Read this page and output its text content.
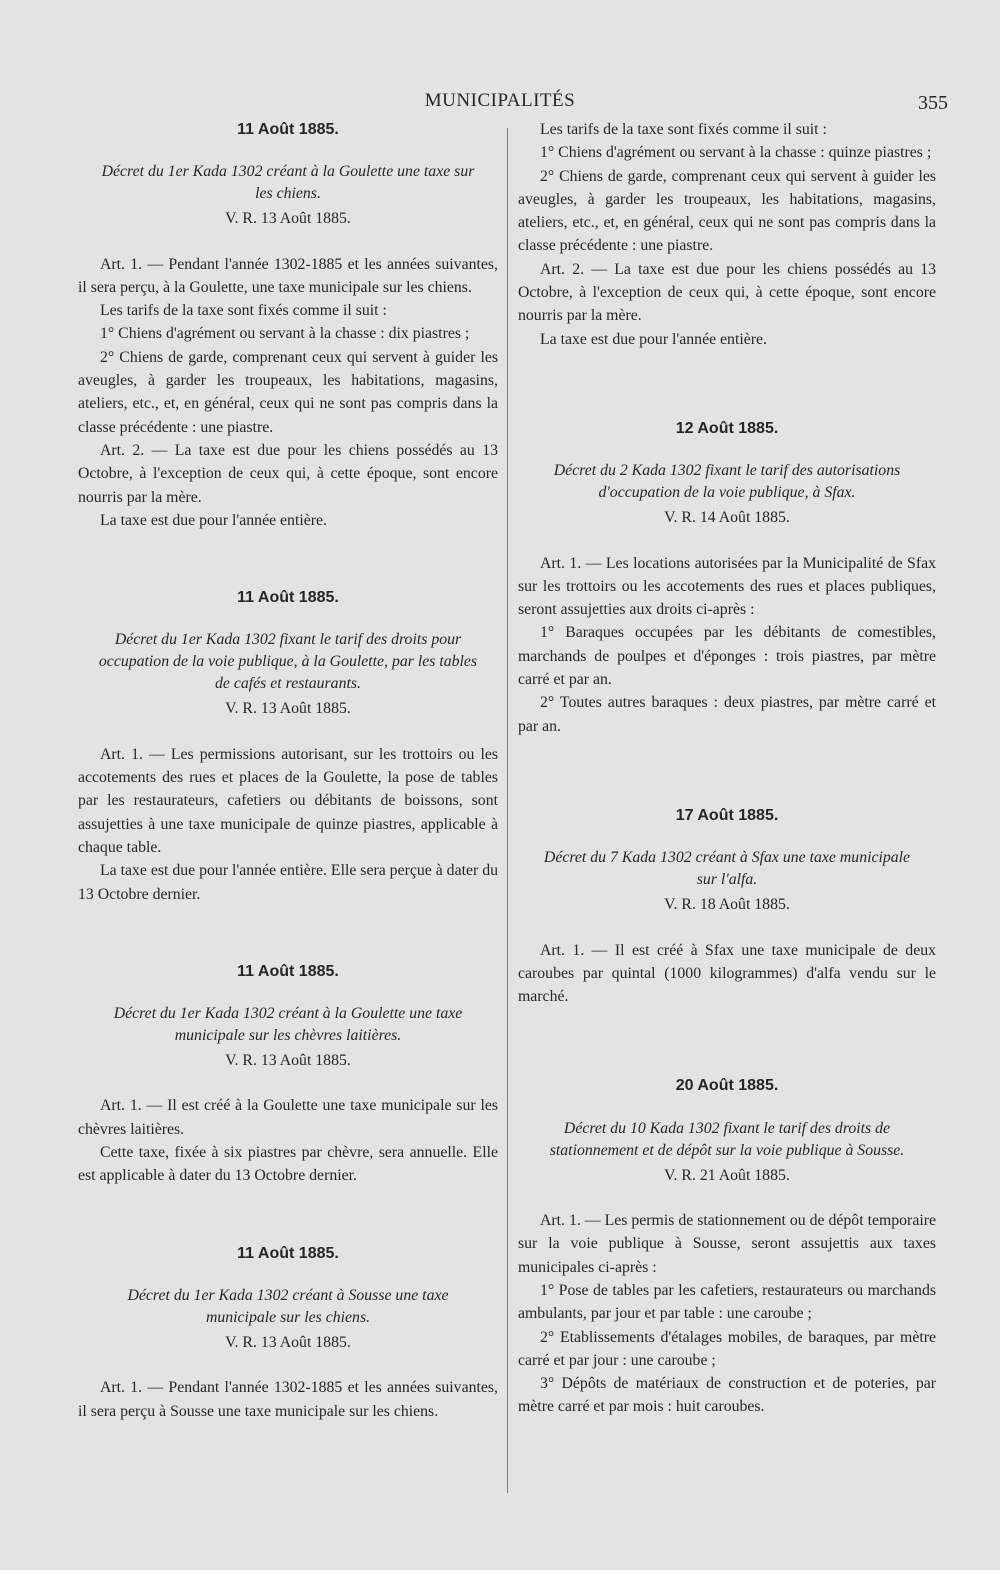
MUNICIPALITÉS	355
11 Août 1885.
Décret du 1er Kada 1302 créant à la Goulette une taxe sur les chiens.
V. R. 13 Août 1885.

Art. 1. — Pendant l'année 1302-1885 et les années suivantes, il sera perçu, à la Goulette, une taxe municipale sur les chiens.

Les tarifs de la taxe sont fixés comme il suit :

1° Chiens d'agrément ou servant à la chasse : dix piastres ;

2° Chiens de garde, comprenant ceux qui servent à guider les aveugles, à garder les troupeaux, les habitations, magasins, ateliers, etc., et, en général, ceux qui ne sont pas compris dans la classe précédente : une piastre.

Art. 2. — La taxe est due pour les chiens possédés au 13 Octobre, à l'exception de ceux qui, à cette époque, sont encore nourris par la mère.

La taxe est due pour l'année entière.

11 Août 1885.
Décret du 1er Kada 1302 fixant le tarif des droits pour occupation de la voie publique, à la Goulette, par les tables de cafés et restaurants.
V. R. 13 Août 1885.

Art. 1. — Les permissions autorisant, sur les trottoirs ou les accotements des rues et places de la Goulette, la pose de tables par les restaurateurs, cafetiers ou débitants de boissons, sont assujetties à une taxe municipale de quinze piastres, applicable à chaque table.

La taxe est due pour l'année entière. Elle sera perçue à dater du 13 Octobre dernier.

11 Août 1885.
Décret du 1er Kada 1302 créant à la Goulette une taxe municipale sur les chèvres laitières.
V. R. 13 Août 1885.

Art. 1. — Il est créé à la Goulette une taxe municipale sur les chèvres laitières.

Cette taxe, fixée à six piastres par chèvre, sera annuelle. Elle est applicable à dater du 13 Octobre dernier.

11 Août 1885.
Décret du 1er Kada 1302 créant à Sousse une taxe municipale sur les chiens.
V. R. 13 Août 1885.

Art. 1. — Pendant l'année 1302-1885 et les années suivantes, il sera perçu à Sousse une taxe municipale sur les chiens.

Les tarifs de la taxe sont fixés comme il suit :

1° Chiens d'agrément ou servant à la chasse : quinze piastres ;

2° Chiens de garde, comprenant ceux qui servent à guider les aveugles, à garder les troupeaux, les habitations, magasins, ateliers, etc., et, en général, ceux qui ne sont pas compris dans la classe précédente : une piastre.

Art. 2. — La taxe est due pour les chiens possédés au 13 Octobre, à l'exception de ceux qui, à cette époque, sont encore nourris par la mère.

La taxe est due pour l'année entière.

12 Août 1885.
Décret du 2 Kada 1302 fixant le tarif des autorisations d'occupation de la voie publique, à Sfax.
V. R. 14 Août 1885.

Art. 1. — Les locations autorisées par la Municipalité de Sfax sur les trottoirs ou les accotements des rues et places publiques, seront assujetties aux droits ci-après :

1° Baraques occupées par les débitants de comestibles, marchands de poulpes et d'éponges : trois piastres, par mètre carré et par an.

2° Toutes autres baraques : deux piastres, par mètre carré et par an.

17 Août 1885.
Décret du 7 Kada 1302 créant à Sfax une taxe municipale sur l'alfa.
V. R. 18 Août 1885.

Art. 1. — Il est créé à Sfax une taxe municipale de deux caroubes par quintal (1000 kilogrammes) d'alfa vendu sur le marché.

20 Août 1885.
Décret du 10 Kada 1302 fixant le tarif des droits de stationnement et de dépôt sur la voie publique à Sousse.
V. R. 21 Août 1885.

Art. 1. — Les permis de stationnement ou de dépôt temporaire sur la voie publique à Sousse, seront assujettis aux taxes municipales ci-après :

1° Pose de tables par les cafetiers, restaurateurs ou marchands ambulants, par jour et par table : une caroube ;

2° Etablissements d'étalages mobiles, de baraques, par mètre carré et par jour : une caroube ;

3° Dépôts de matériaux de construction et de poteries, par mètre carré et par mois : huit caroubes.
